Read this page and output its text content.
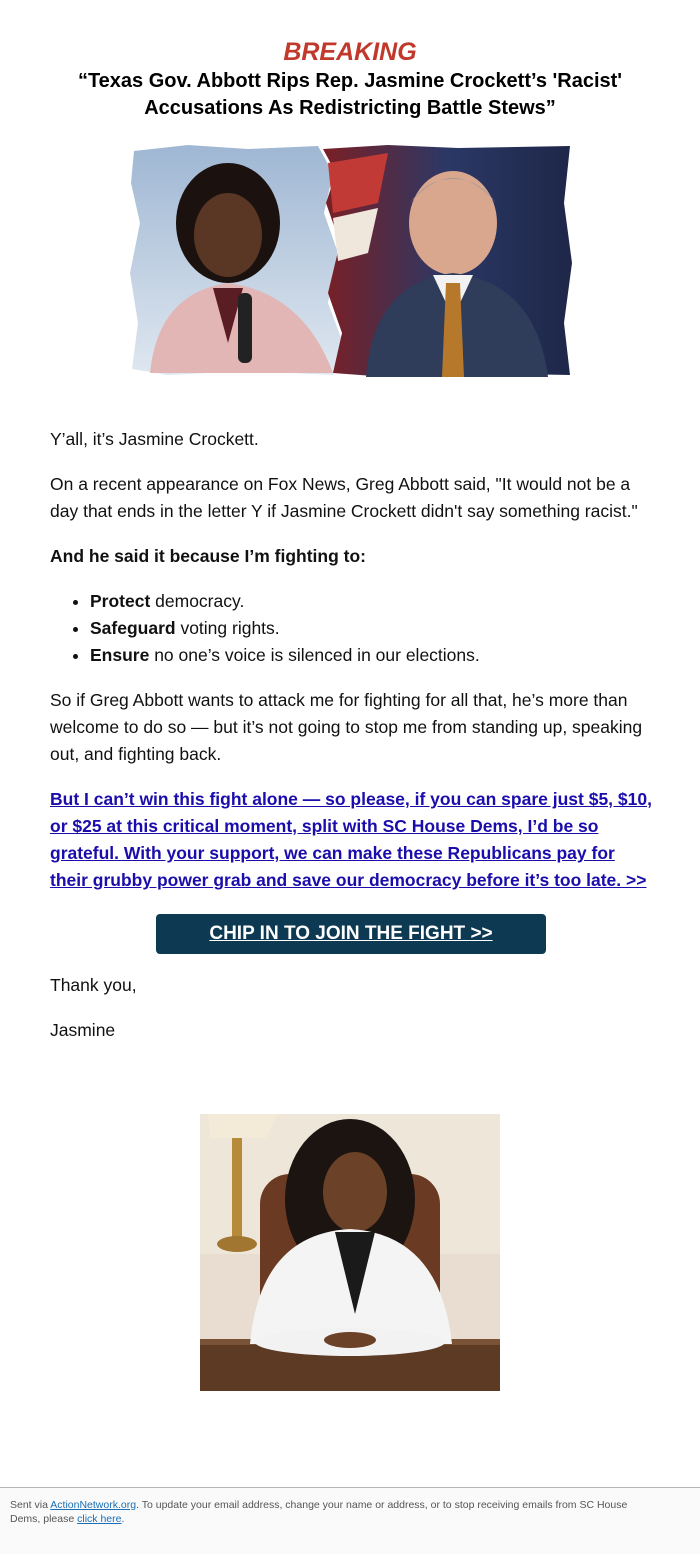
BREAKING

“Texas Gov. Abbott Rips Rep. Jasmine Crockett’s 'Racist' Accusations As Redistricting Battle Stews”

Y’all, it’s Jasmine Crockett.

On a recent appearance on Fox News, Greg Abbott said, "It would not be a day that ends in the letter Y if Jasmine Crockett didn't say something racist."

And he said it because I’m fighting to:

• Protect democracy.
• Safeguard voting rights.
• Ensure no one’s voice is silenced in our elections.

So if Greg Abbott wants to attack me for fighting for all that, he’s more than welcome to do so — but it’s not going to stop me from standing up, speaking out, and fighting back.

But I can’t win this fight alone — so please, if you can spare just $5, $10, or $25 at this critical moment, split with SC House Dems, I’d be so grateful. With your support, we can make these Republicans pay for their grubby power grab and save our democracy before it’s too late. >>
CHIP IN TO JOIN THE FIGHT >>

Thank you,

Jasmine

Sent via ActionNetwork.org. To update your email address, change your name or address, or to stop receiving emails from SC House Dems, please click here.
